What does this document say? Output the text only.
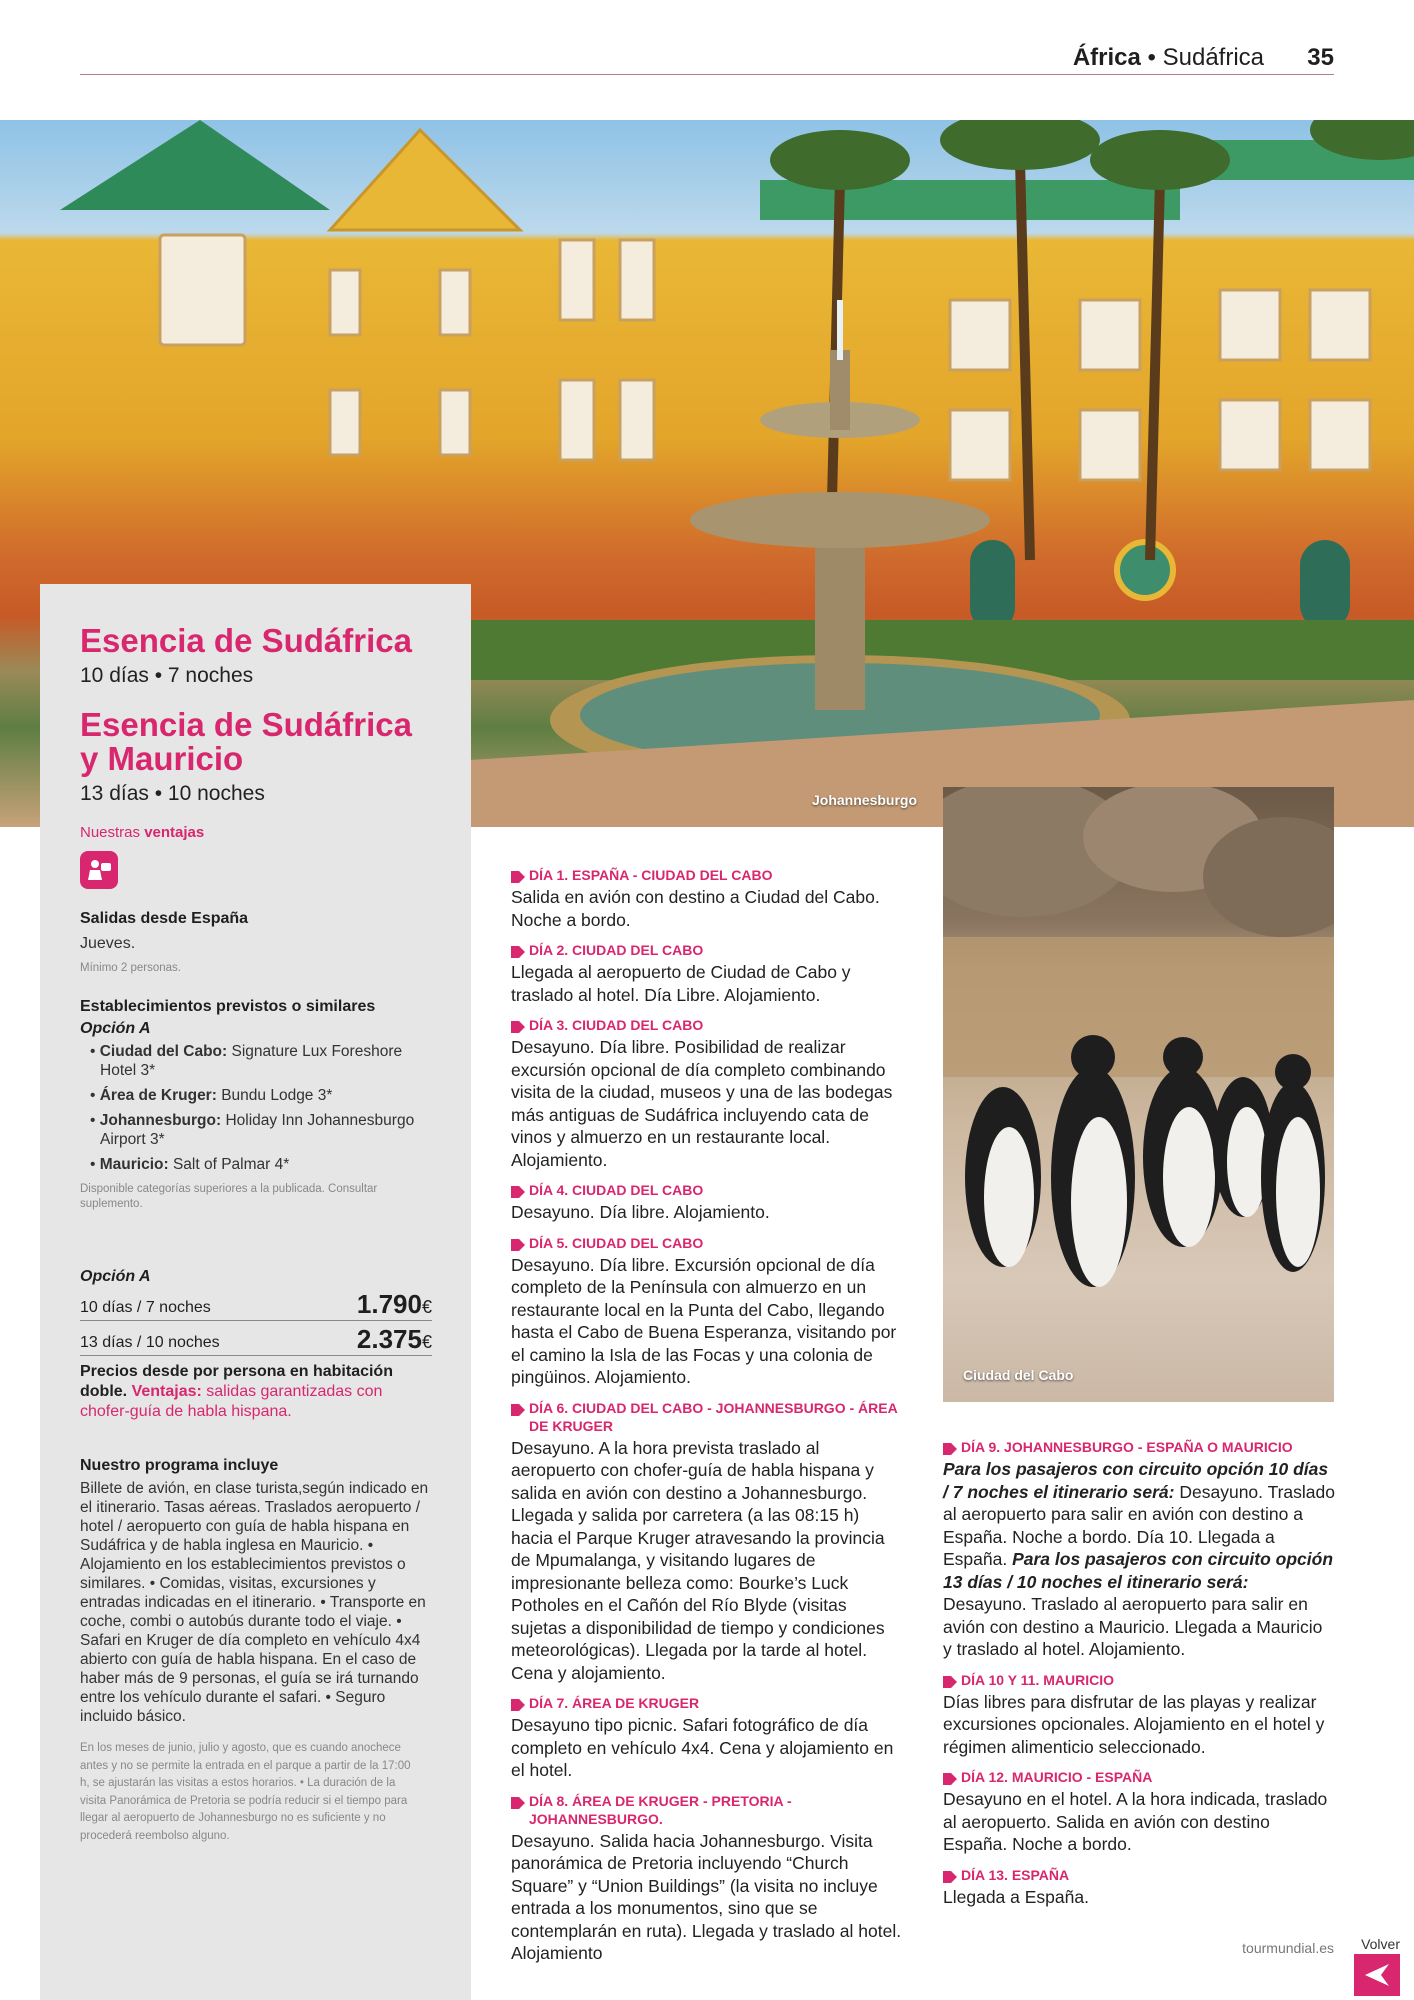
África • Sudáfrica 35
Johannesburgo
Ciudad del Cabo
Esencia de Sudáfrica
10 días • 7 noches
Esencia de Sudáfrica
y Mauricio
13 días • 10 noches
Nuestras ventajas
Salidas desde España
Jueves.
Mínimo 2 personas.
Establecimientos previstos o similares
Opción A
• Ciudad del Cabo: Signature Lux Foreshore Hotel 3*
• Área de Kruger: Bundu Lodge 3*
• Johannesburgo: Holiday Inn Johannesburgo Airport 3*
• Mauricio: Salt of Palmar 4*
Disponible categorías superiores a la publicada. Consultar suplemento.
Opción A
10 días / 7 noches	1.790€
13 días / 10 noches	2.375€
Precios desde por persona en habitación doble. Ventajas: salidas garantizadas con chofer-guía de habla hispana.
Nuestro programa incluye
Billete de avión, en clase turista,según indicado en el itinerario. Tasas aéreas. Traslados aeropuerto / hotel / aeropuerto con guía de habla hispana en Sudáfrica y de habla inglesa en Mauricio. • Alojamiento en los establecimientos previstos o similares. • Comidas, visitas, excursiones y entradas indicadas en el itinerario. • Transporte en coche, combi o autobús durante todo el viaje. • Safari en Kruger de día completo en vehículo 4x4 abierto con guía de habla hispana. En el caso de haber más de 9 personas, el guía se irá turnando entre los vehículo durante el safari. • Seguro incluido básico.
En los meses de junio, julio y agosto, que es cuando anochece antes y no se permite la entrada en el parque a partir de la 17:00 h, se ajustarán las visitas a estos horarios. • La duración de la visita Panorámica de Pretoria se podría reducir si el tiempo para llegar al aeropuerto de Johannesburgo no es suficiente y no procederá reembolso alguno.
DÍA 1. ESPAÑA - CIUDAD DEL CABO
Salida en avión con destino a Ciudad del Cabo. Noche a bordo.
DÍA 2. CIUDAD DEL CABO
Llegada al aeropuerto de Ciudad de Cabo y traslado al hotel. Día Libre. Alojamiento.
DÍA 3. CIUDAD DEL CABO
Desayuno. Día libre. Posibilidad de realizar excursión opcional de día completo combinando visita de la ciudad, museos y una de las bodegas más antiguas de Sudáfrica incluyendo cata de vinos y almuerzo en un restaurante local. Alojamiento.
DÍA 4. CIUDAD DEL CABO
Desayuno. Día libre. Alojamiento.
DÍA 5. CIUDAD DEL CABO
Desayuno. Día libre. Excursión opcional de día completo de la Península con almuerzo en un restaurante local en la Punta del Cabo, llegando hasta el Cabo de Buena Esperanza, visitando por el camino la Isla de las Focas y una colonia de pingüinos. Alojamiento.
DÍA 6. CIUDAD DEL CABO - JOHANNESBURGO - ÁREA DE KRUGER
Desayuno. A la hora prevista traslado al aeropuerto con chofer-guía de habla hispana y salida en avión con destino a Johannesburgo. Llegada y salida por carretera (a las 08:15 h) hacia el Parque Kruger atravesando la provincia de Mpumalanga, y visitando lugares de impresionante belleza como: Bourke’s Luck Potholes en el Cañón del Río Blyde (visitas sujetas a disponibilidad de tiempo y condiciones meteorológicas). Llegada por la tarde al hotel. Cena y alojamiento.
DÍA 7. ÁREA DE KRUGER
Desayuno tipo picnic. Safari fotográfico de día completo en vehículo 4x4. Cena y alojamiento en el hotel.
DÍA 8. ÁREA DE KRUGER - PRETORIA - JOHANNESBURGO.
Desayuno. Salida hacia Johannesburgo. Visita panorámica de Pretoria incluyendo “Church Square” y “Union Buildings” (la visita no incluye entrada a los monumentos, sino que se contemplarán en ruta). Llegada y traslado al hotel. Alojamiento
DÍA 9. JOHANNESBURGO - ESPAÑA O MAURICIO
Para los pasajeros con circuito opción 10 días / 7 noches el itinerario será: Desayuno. Traslado al aeropuerto para salir en avión con destino a España. Noche a bordo. Día 10. Llegada a España. Para los pasajeros con circuito opción 13 días / 10 noches el itinerario será: Desayuno. Traslado al aeropuerto para salir en avión con destino a Mauricio. Llegada a Mauricio y traslado al hotel. Alojamiento.
DÍA 10 Y 11. MAURICIO
Días libres para disfrutar de las playas y realizar excursiones opcionales. Alojamiento en el hotel y régimen alimenticio seleccionado.
DÍA 12. MAURICIO - ESPAÑA
Desayuno en el hotel. A la hora indicada, traslado al aeropuerto. Salida en avión con destino España. Noche a bordo.
DÍA 13. ESPAÑA
Llegada a España.
tourmundial.es Volver
